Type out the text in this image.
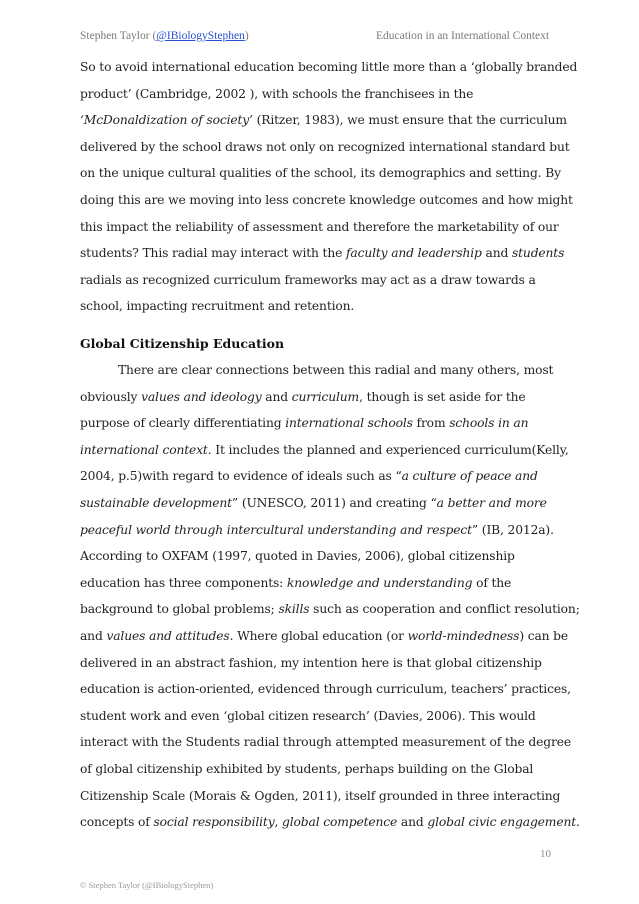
Stephen Taylor (@IBiologyStephen)	Education in an International Context
So to avoid international education becoming little more than a ‘globally branded
product’ (Cambridge, 2002 ), with schools the franchisees in the
‘McDonaldization of society’ (Ritzer, 1983), we must ensure that the curriculum
delivered by the school draws not only on recognized international standard but
on the unique cultural qualities of the school, its demographics and setting. By
doing this are we moving into less concrete knowledge outcomes and how might
this impact the reliability of assessment and therefore the marketability of our
students? This radial may interact with the faculty and leadership and students
radials as recognized curriculum frameworks may act as a draw towards a
school, impacting recruitment and retention.
Global Citizenship Education
There are clear connections between this radial and many others, most
obviously values and ideology and curriculum, though is set aside for the
purpose of clearly differentiating international schools from schools in an
international context. It includes the planned and experienced curriculum(Kelly,
2004, p.5)with regard to evidence of ideals such as “a culture of peace and
sustainable development” (UNESCO, 2011) and creating “a better and more
peaceful world through intercultural understanding and respect” (IB, 2012a).
According to OXFAM (1997, quoted in Davies, 2006), global citizenship
education has three components: knowledge and understanding of the
background to global problems; skills such as cooperation and conflict resolution;
and values and attitudes. Where global education (or world-mindedness) can be
delivered in an abstract fashion, my intention here is that global citizenship
education is action-oriented, evidenced through curriculum, teachers’ practices,
student work and even ‘global citizen research’ (Davies, 2006). This would
interact with the Students radial through attempted measurement of the degree
of global citizenship exhibited by students, perhaps building on the Global
Citizenship Scale (Morais & Ogden, 2011), itself grounded in three interacting
concepts of social responsibility, global competence and global civic engagement.
10
© Stephen Taylor (@IBiologyStephen)
